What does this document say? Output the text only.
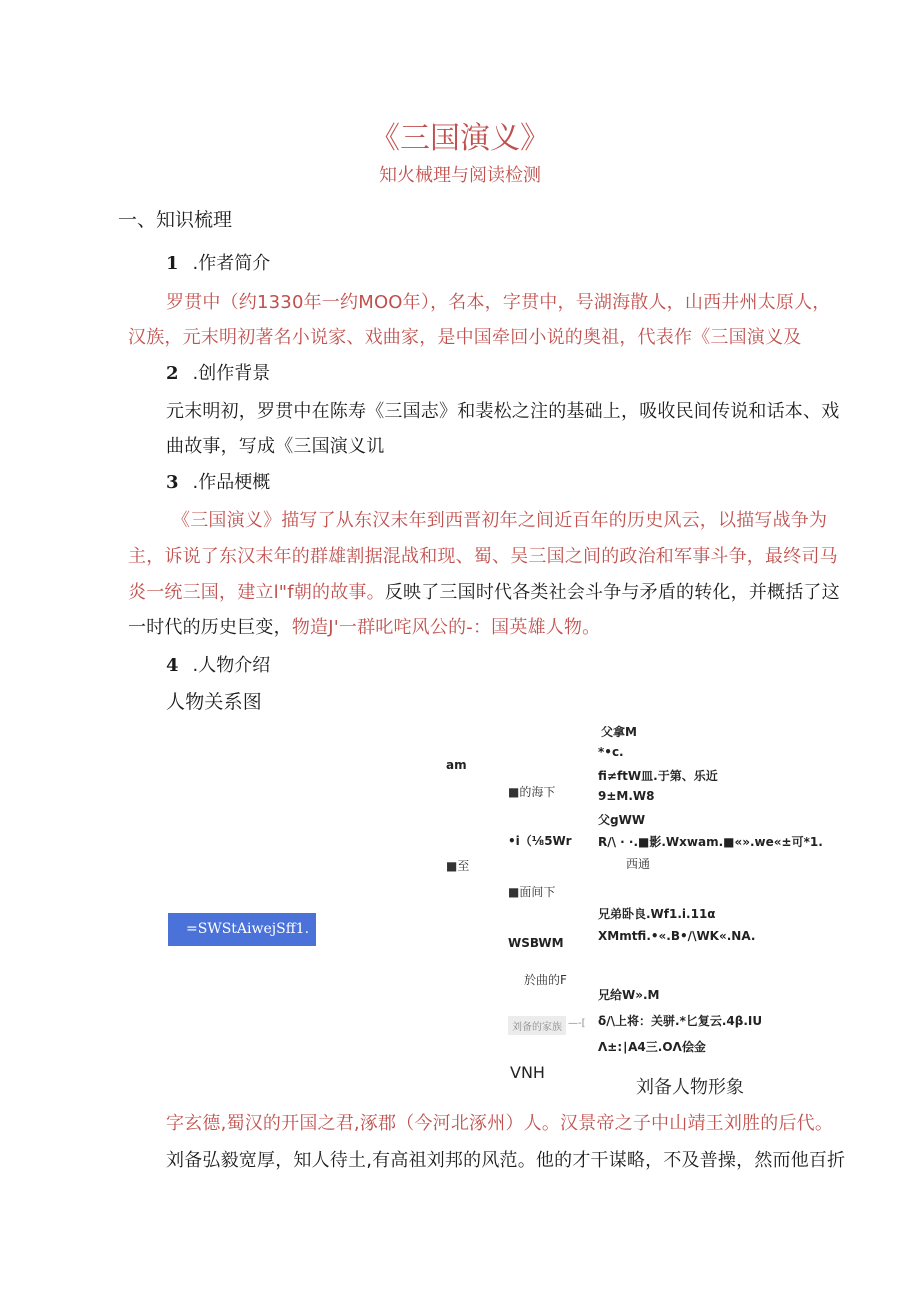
《三国演义》
知火械理与阅读检测
一、知识梳理
1 .作者简介
罗贯中（约1330年一约MOO年），名本，字贯中，号湖海散人，山西井州太原人，
汉族，元末明初著名小说家、戏曲家，是中国牵回小说的奥祖，代表作《三国演义及
2 .创作背景
元末明初，罗贯中在陈寿《三国志》和裴松之注的基础上，吸收民间传说和话本、戏
曲故事，写成《三国演义讥
3 .作品梗概
《三国演义》描写了从东汉末年到西晋初年之间近百年的历史风云，以描写战争为
主，诉说了东汉末年的群雄割据混战和现、蜀、吴三国之间的政治和军事斗争，最终司马
炎一统三国，建立l"f朝的故事。反映了三国时代各类社会斗争与矛盾的转化，并概括了这
一时代的历史巨变，物造J'一群叱咤风公的-：国英雄人物。
4 .人物介绍
人物关系图
am
■至
■的海下
•i（⅛5Wr
■面间下
WSBWM
於曲的F
父拿M
*•c.
fi≠ftW皿.于第、乐近
9±M.W8
父gWW
R∕\ · ·.■影.Wxwam.■«».we«±可*1.
西通
兄弟卧良.Wf1.i.11α
XMmtfi.•«.B•∕\WK«.NA.
兄给W».M
δ∕\上将：关骈.*匕复云.4β.IU
Λ±:∣A4三.OΛ侩金
=SWStAiwejSff1.
刘备的家族 —-[
VNH
刘备人物形象
字玄德,蜀汉的开国之君,涿郡（今河北涿州）人。汉景帝之子中山靖王刘胜的后代。
刘备弘毅宽厚，知人待土,有高祖刘邦的风范。他的才干谋略，不及普操，然而他百折
